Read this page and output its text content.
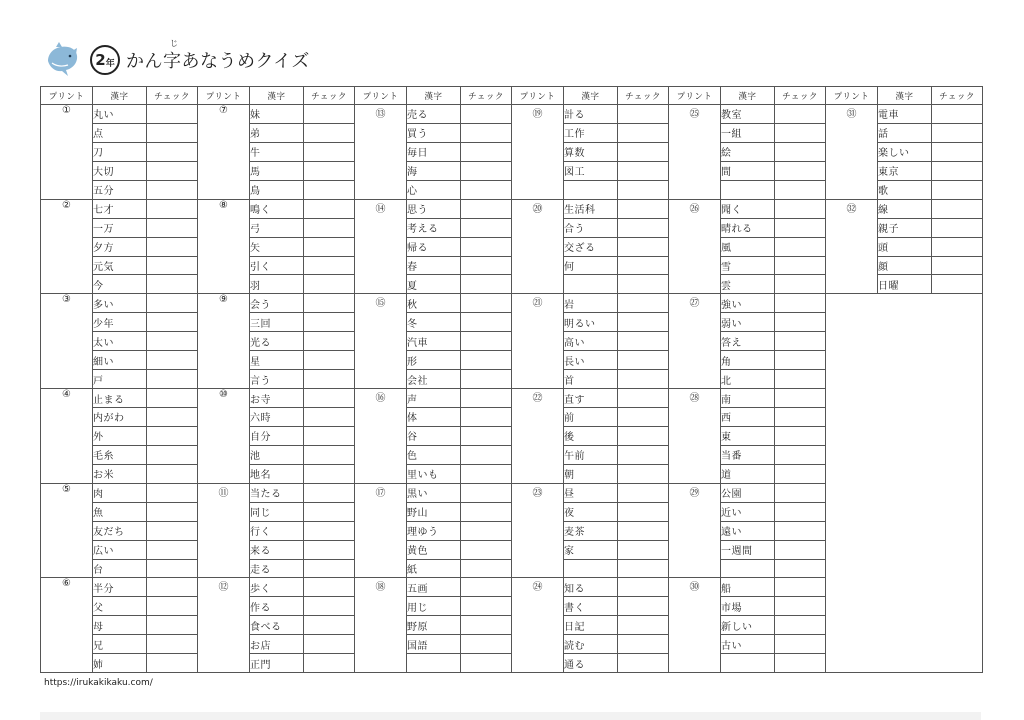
2 年
じ
かん字あなうめクイズ
プリント	漢字	チェック	プリント	漢字	チェック	プリント	漢字	チェック	プリント	漢字	チェック	プリント	漢字	チェック	プリント	漢字	チェック
①	丸い		⑦	妹		⑬	売る		⑲	計る		㉕	教室		㉛	電車	
	点			弟			買う			工作			一組			話	
	刀			牛			毎日			算数			絵			楽しい	
	大切			馬			海			図工			間			東京	
	五分			鳥			心									歌	
②	七才		⑧	鳴く		⑭	思う		⑳	生活科		㉖	聞く		㉜	線	
	一万			弓			考える			合う			晴れる			親子	
	夕方			矢			帰る			交ざる			風			頭	
	元気			引く			春			何			雪			顔	
	今			羽			夏						雲			日曜	
③	多い		⑨	会う		⑮	秋		㉑	岩		㉗	強い				
	少年			三回			冬			明るい			弱い				
	太い			光る			汽車			高い			答え				
	細い			星			形			長い			角				
	戸			言う			会社			首			北				
④	止まる		⑩	お寺		⑯	声		㉒	直す		㉘	南				
	内がわ			六時			体			前			西				
	外			自分			谷			後			東				
	毛糸			池			色			午前			当番				
	お米			地名			里いも			朝			道				
⑤	肉		⑪	当たる		⑰	黒い		㉓	昼		㉙	公園				
	魚			同じ			野山			夜			近い				
	友だち			行く			理ゆう			麦茶			遠い				
	広い			来る			黄色			家			一週間				
	台			走る			紙										
⑥	半分		⑫	歩く		⑱	五画		㉔	知る		㉚	船				
	父			作る			用じ			書く			市場				
	母			食べる			野原			日記			新しい				
	兄			お店			国語			読む			古い				
	姉			正門						通る							
https://irukakikaku.com/
